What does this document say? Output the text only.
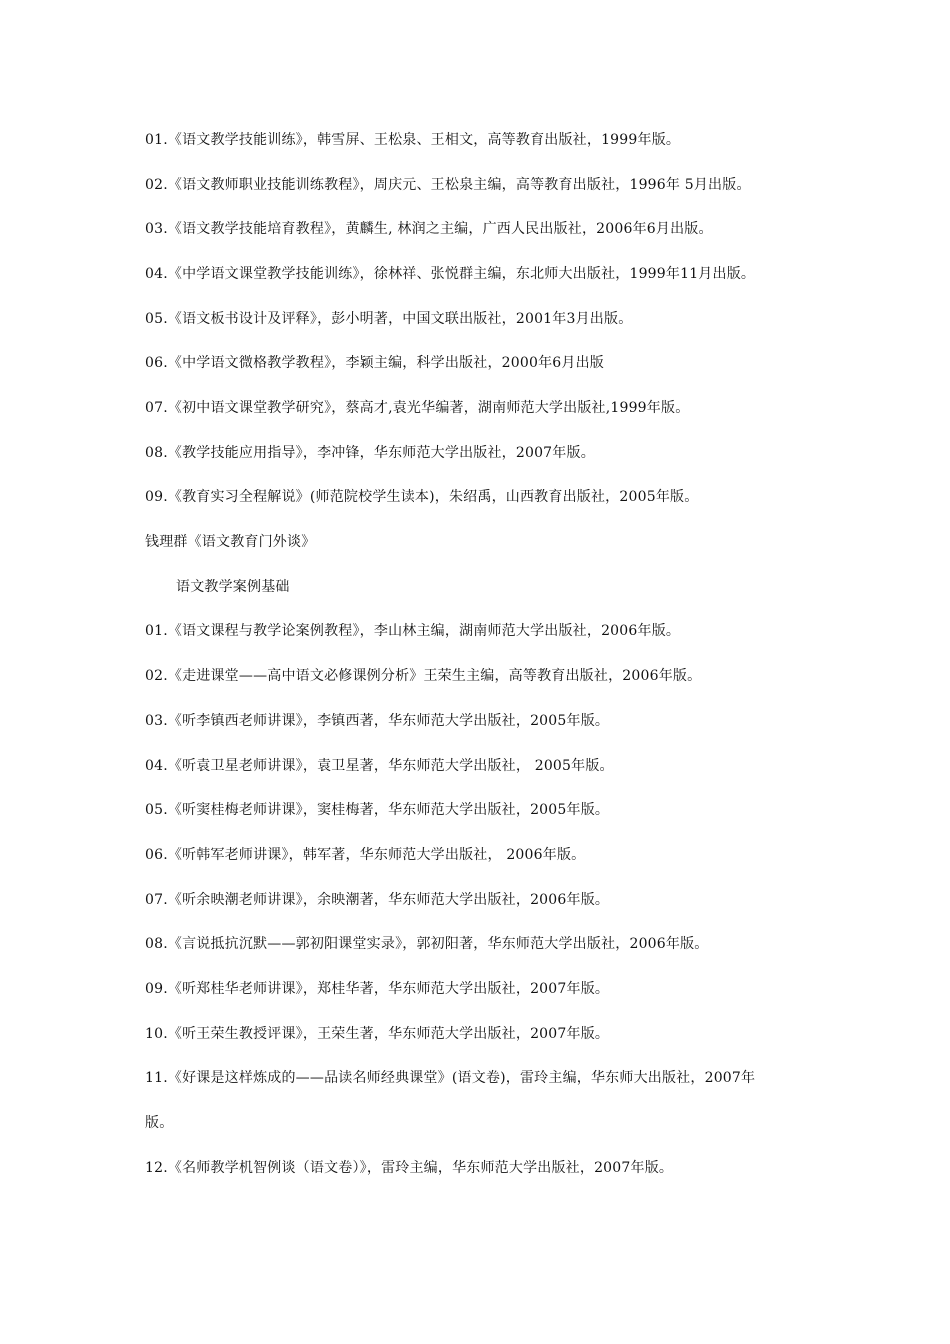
01.《语文教学技能训练》，韩雪屏、王松泉、王相文，高等教育出版社，1999年版。
02.《语文教师职业技能训练教程》，周庆元、王松泉主编，高等教育出版社，1996年 5月出版。
03.《语文教学技能培育教程》，黄麟生, 林润之主编，广西人民出版社，2006年6月出版。
04.《中学语文课堂教学技能训练》，徐林祥、张悦群主编，东北师大出版社，1999年11月出版。
05.《语文板书设计及评释》，彭小明著，中国文联出版社，2001年3月出版。
06.《中学语文微格教学教程》，李颖主编，科学出版社，2000年6月出版
07.《初中语文课堂教学研究》，蔡高才,袁光华编著，湖南师范大学出版社,1999年版。
08.《教学技能应用指导》，李冲锋，华东师范大学出版社，2007年版。
09.《教育实习全程解说》(师范院校学生读本)，朱绍禹，山西教育出版社，2005年版。
钱理群《语文教育门外谈》
语文教学案例基础
01.《语文课程与教学论案例教程》，李山林主编，湖南师范大学出版社，2006年版。
02.《走进课堂——高中语文必修课例分析》王荣生主编，高等教育出版社，2006年版。
03.《听李镇西老师讲课》，李镇西著，华东师范大学出版社，2005年版。
04.《听袁卫星老师讲课》，袁卫星著，华东师范大学出版社， 2005年版。
05.《听窦桂梅老师讲课》，窦桂梅著，华东师范大学出版社，2005年版。
06.《听韩军老师讲课》，韩军著，华东师范大学出版社， 2006年版。
07.《听余映潮老师讲课》，余映潮著，华东师范大学出版社，2006年版。
08.《言说抵抗沉默——郭初阳课堂实录》，郭初阳著，华东师范大学出版社，2006年版。
09.《听郑桂华老师讲课》，郑桂华著，华东师范大学出版社，2007年版。
10.《听王荣生教授评课》，王荣生著，华东师范大学出版社，2007年版。
11.《好课是这样炼成的——品读名师经典课堂》(语文卷)，雷玲主编，华东师大出版社，2007年
版。
12.《名师教学机智例谈（语文卷）》，雷玲主编，华东师范大学出版社，2007年版。
